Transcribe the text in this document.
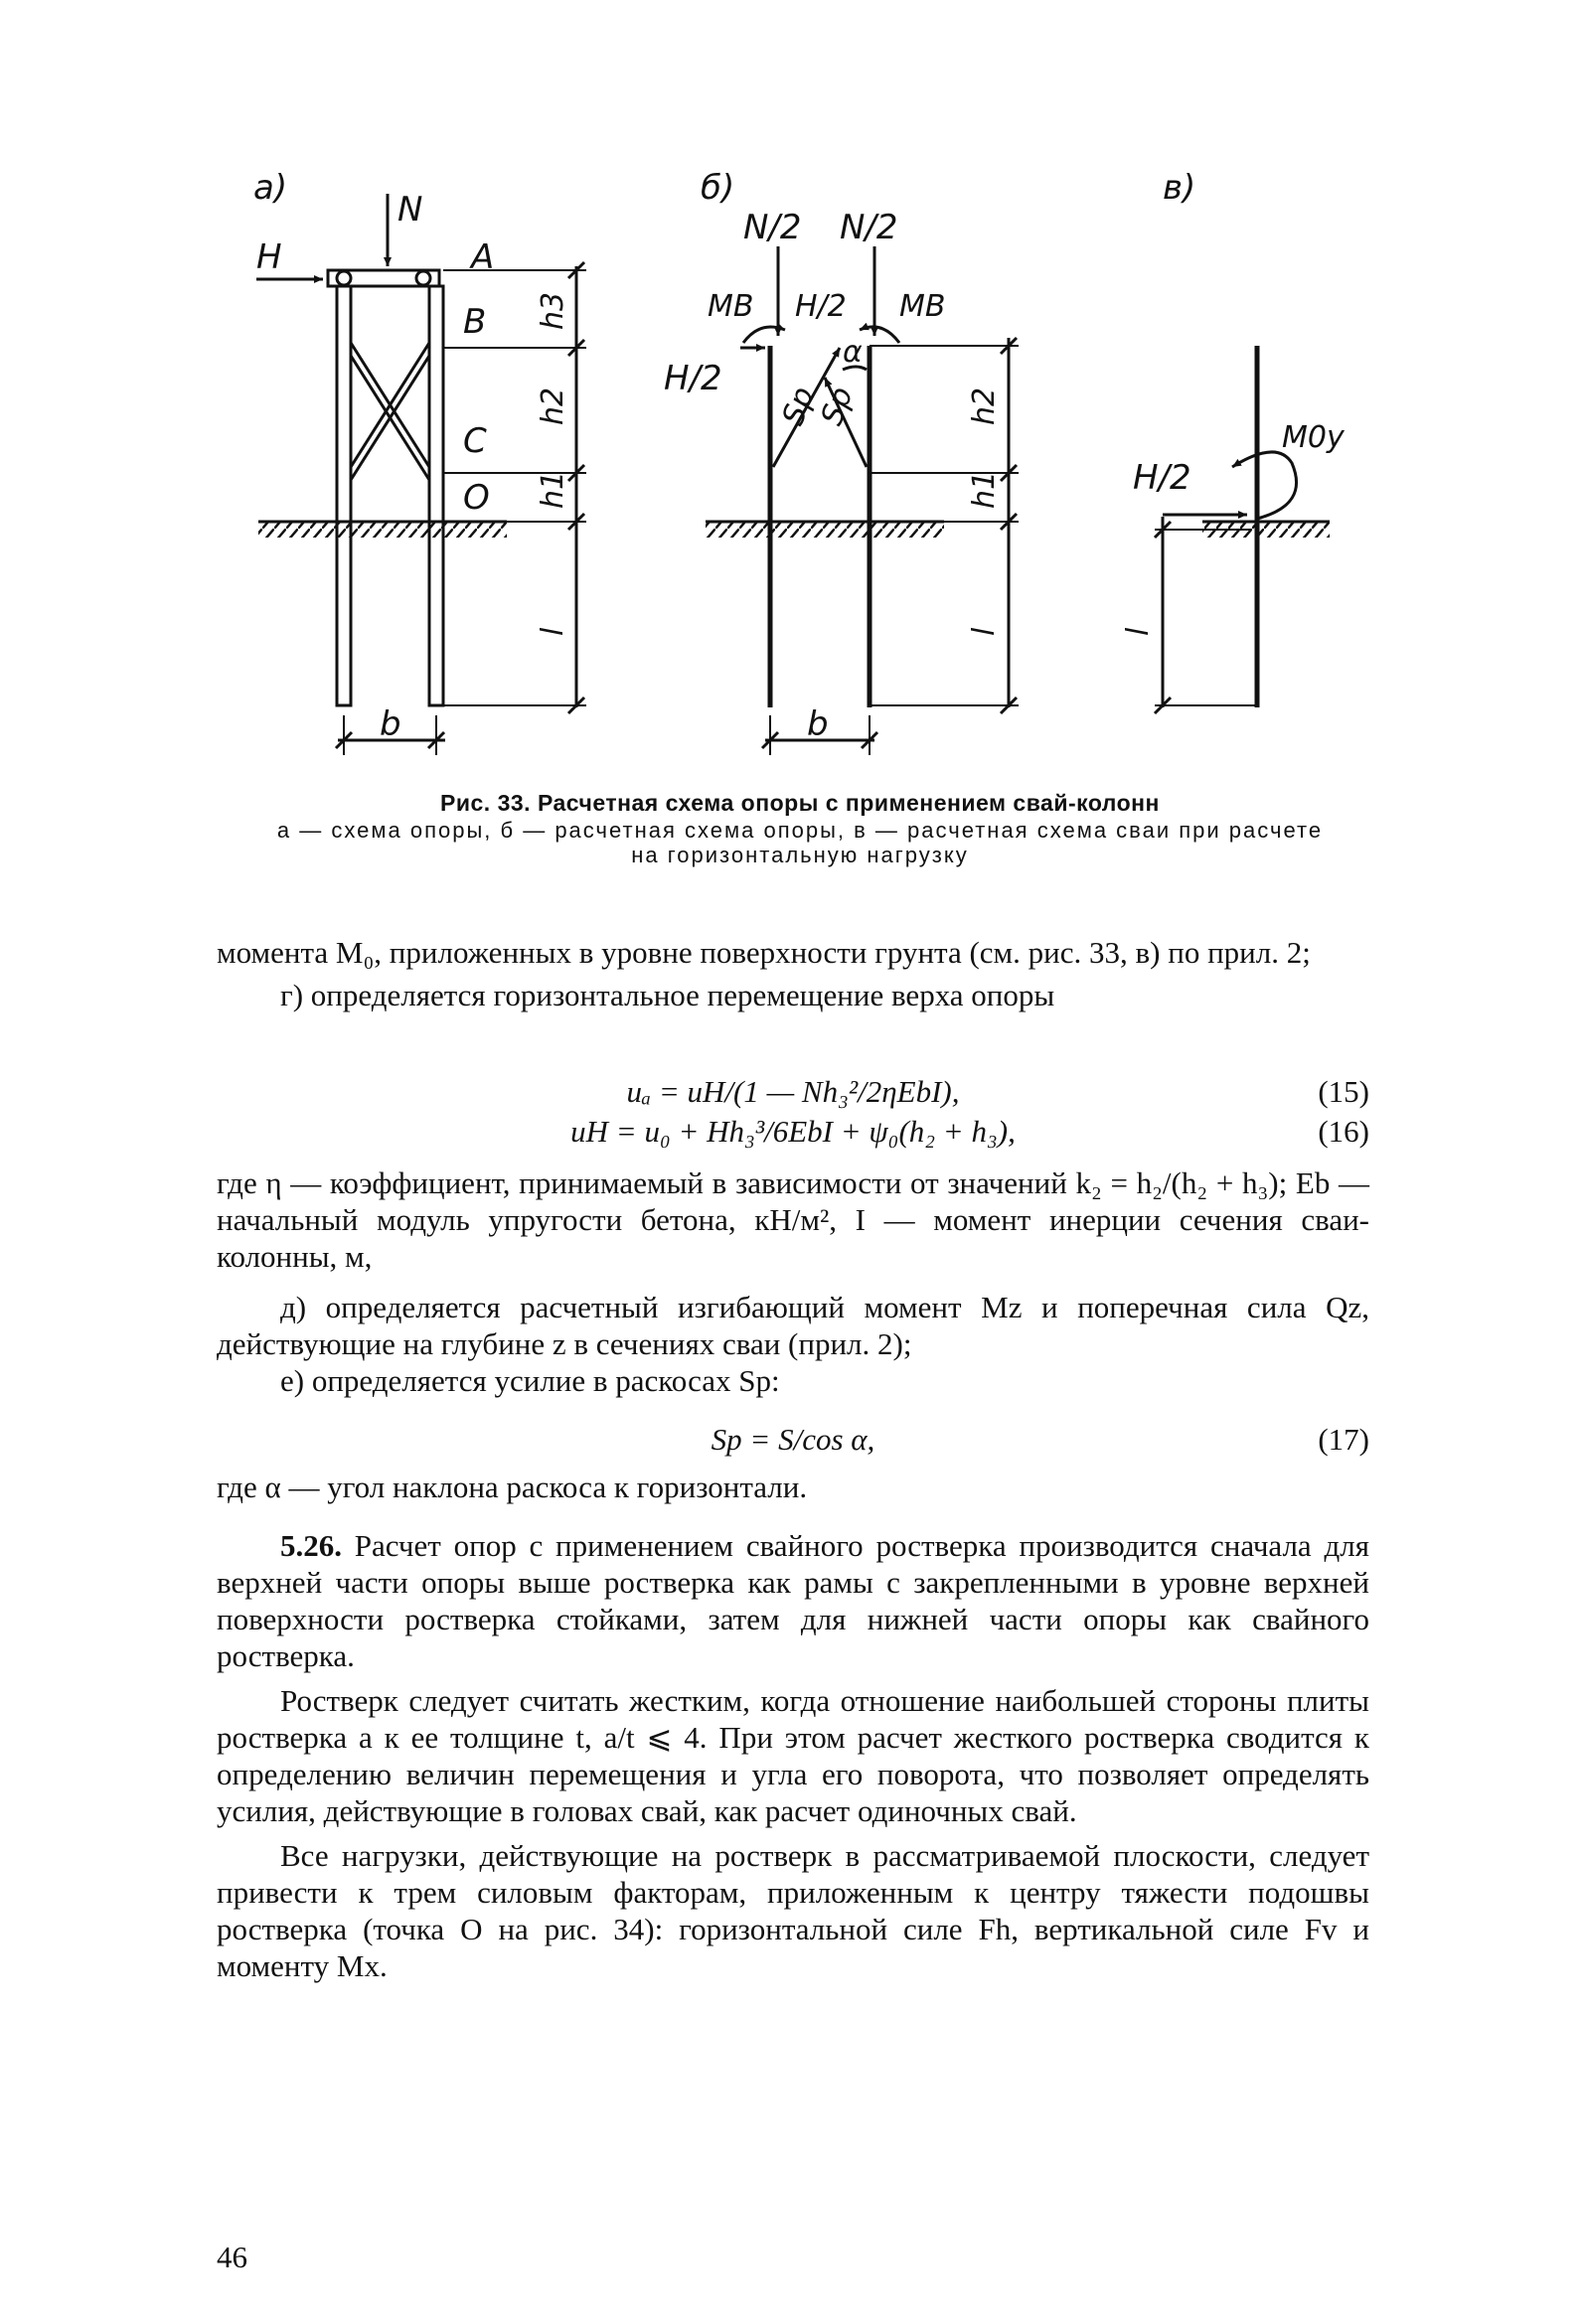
а)
N
H	A
B
C
O
h3
h2
h1
l
b
б)
N/2 N/2
MB	MB
H/2
H/2
α
Sp
Sp	h2
h1
l
b
в)
M0y
H/2
l
Рис. 33. Расчетная схема опоры с применением свай-колонн
а — схема опоры, б — расчетная схема опоры, в — расчетная схема сваи при расчете
на горизонтальную нагрузку

момента M₀, приложенных в уровне поверхности грунта (см. рис. 33, в) по прил. 2;

г) определяется горизонтальное перемещение верха опоры

uₐ = uH/(1 — Nh₃²/2ηEbI),	(15)
uH = u₀ + Hh₃³/6EbI + ψ₀(h₂ + h₃),	(16)

где η — коэффициент, принимаемый в зависимости от значений k₂ = h₂/(h₂ + h₃); Eb — начальный модуль упругости бетона, кН/м², I — момент инерции сечения сваи-колонны, м,

д) определяется расчетный изгибающий момент Mz и поперечная сила Qz, действующие на глубине z в сечениях сваи (прил. 2);

е) определяется усилие в раскосах Sp:

Sp = S/cos α,	(17)

где α — угол наклона раскоса к горизонтали.

5.26. Расчет опор с применением свайного ростверка производится сначала для верхней части опоры выше ростверка как рамы с закрепленными в уровне верхней поверхности ростверка стойками, затем для нижней части опоры как свайного ростверка.

Ростверк следует считать жестким, когда отношение наибольшей стороны плиты ростверка a к ее толщине t, a/t ⩽ 4. При этом расчет жесткого ростверка сводится к определению величин перемещения и угла его поворота, что позволяет определять усилия, действующие в головах свай, как расчет одиночных свай.

Все нагрузки, действующие на ростверк в рассматриваемой плоскости, следует привести к трем силовым факторам, приложенным к центру тяжести подошвы ростверка (точка O на рис. 34): горизонтальной силе Fh, вертикальной силе Fv и моменту Mx.

46
